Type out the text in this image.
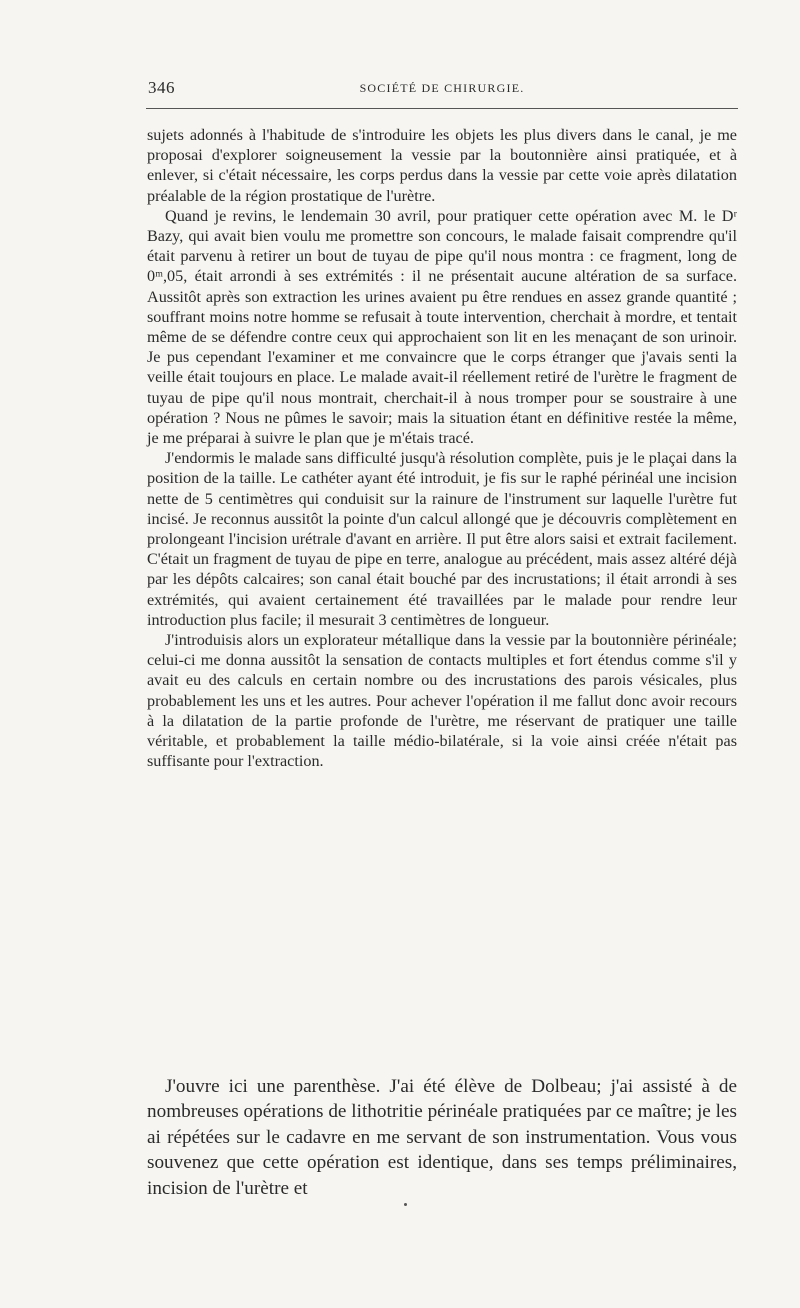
346	SOCIÉTÉ DE CHIRURGIE.

sujets adonnés à l'habitude de s'introduire les objets les plus divers dans le canal, je me proposai d'explorer soigneusement la vessie par la boutonnière ainsi pratiquée, et à enlever, si c'était nécessaire, les corps perdus dans la vessie par cette voie après dilatation préalable de la région prostatique de l'urètre.

Quand je revins, le lendemain 30 avril, pour pratiquer cette opération avec M. le Dʳ Bazy, qui avait bien voulu me promettre son concours, le malade faisait comprendre qu'il était parvenu à retirer un bout de tuyau de pipe qu'il nous montra : ce fragment, long de 0ᵐ,05, était arrondi à ses extrémités : il ne présentait aucune altération de sa surface. Aussitôt après son extraction les urines avaient pu être rendues en assez grande quantité ; souffrant moins notre homme se refusait à toute intervention, cherchait à mordre, et tentait même de se défendre contre ceux qui approchaient son lit en les menaçant de son urinoir. Je pus cependant l'examiner et me convaincre que le corps étranger que j'avais senti la veille était toujours en place. Le malade avait-il réellement retiré de l'urètre le fragment de tuyau de pipe qu'il nous montrait, cherchait-il à nous tromper pour se soustraire à une opération ? Nous ne pûmes le savoir; mais la situation étant en définitive restée la même, je me préparai à suivre le plan que je m'étais tracé.

J'endormis le malade sans difficulté jusqu'à résolution complète, puis je le plaçai dans la position de la taille. Le cathéter ayant été introduit, je fis sur le raphé périnéal une incision nette de 5 centimètres qui conduisit sur la rainure de l'instrument sur laquelle l'urètre fut incisé. Je reconnus aussitôt la pointe d'un calcul allongé que je découvris complètement en prolongeant l'incision urétrale d'avant en arrière. Il put être alors saisi et extrait facilement. C'était un fragment de tuyau de pipe en terre, analogue au précédent, mais assez altéré déjà par les dépôts calcaires; son canal était bouché par des incrustations; il était arrondi à ses extrémités, qui avaient certainement été travaillées par le malade pour rendre leur introduction plus facile; il mesurait 3 centimètres de longueur.

J'introduisis alors un explorateur métallique dans la vessie par la boutonnière périnéale; celui-ci me donna aussitôt la sensation de contacts multiples et fort étendus comme s'il y avait eu des calculs en certain nombre ou des incrustations des parois vésicales, plus probablement les uns et les autres. Pour achever l'opération il me fallut donc avoir recours à la dilatation de la partie profonde de l'urètre, me réservant de pratiquer une taille véritable, et probablement la taille médio-bilatérale, si la voie ainsi créée n'était pas suffisante pour l'extraction.

J'ouvre ici une parenthèse. J'ai été élève de Dolbeau; j'ai assisté à de nombreuses opérations de lithotritie périnéale pratiquées par ce maître; je les ai répétées sur le cadavre en me servant de son instrumentation. Vous vous souvenez que cette opération est identique, dans ses temps préliminaires, incision de l'urètre et
